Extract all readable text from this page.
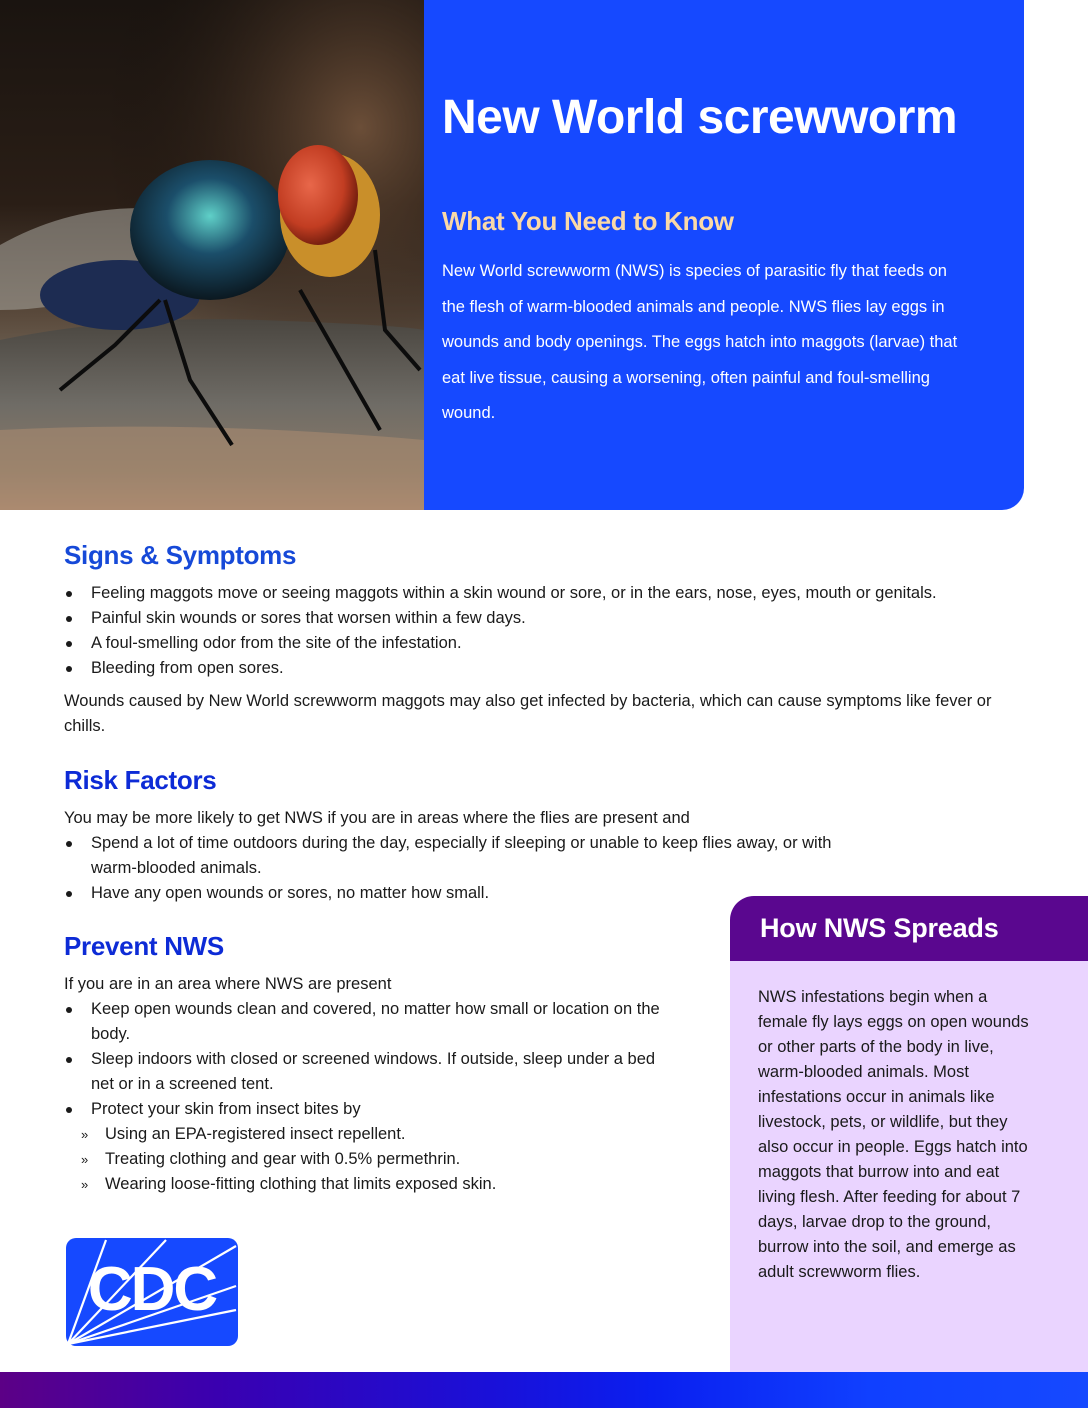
New World screwworm
What You Need to Know

New World screwworm (NWS) is species of parasitic fly that feeds on the flesh of warm-blooded animals and people. NWS flies lay eggs in wounds and body openings. The eggs hatch into maggots (larvae) that eat live tissue, causing a worsening, often painful and foul-smelling wound.

Signs & Symptoms
Feeling maggots move or seeing maggots within a skin wound or sore, or in the ears, nose, eyes, mouth or genitals.
Painful skin wounds or sores that worsen within a few days.
A foul-smelling odor from the site of the infestation.
Bleeding from open sores.

Wounds caused by New World screwworm maggots may also get infected by bacteria, which can cause symptoms like fever or chills.

Risk Factors

You may be more likely to get NWS if you are in areas where the flies are present and

Spend a lot of time outdoors during the day, especially if sleeping or unable to keep flies away, or with warm-blooded animals.
Have any open wounds or sores, no matter how small.
Prevent NWS

If you are in an area where NWS are present

Keep open wounds clean and covered, no matter how small or location on the body.
Sleep indoors with closed or screened windows. If outside, sleep under a bed net or in a screened tent.
Protect your skin from insect bites by
» Using an EPA-registered insect repellent.
» Treating clothing and gear with 0.5% permethrin.
» Wearing loose-fitting clothing that limits exposed skin.
How NWS Spreads

NWS infestations begin when a female fly lays eggs on open wounds or other parts of the body in live, warm-blooded animals. Most infestations occur in animals like livestock, pets, or wildlife, but they also occur in people. Eggs hatch into maggots that burrow into and eat living flesh. After feeding for about 7 days, larvae drop to the ground, burrow into the soil, and emerge as adult screwworm flies.

CDC
